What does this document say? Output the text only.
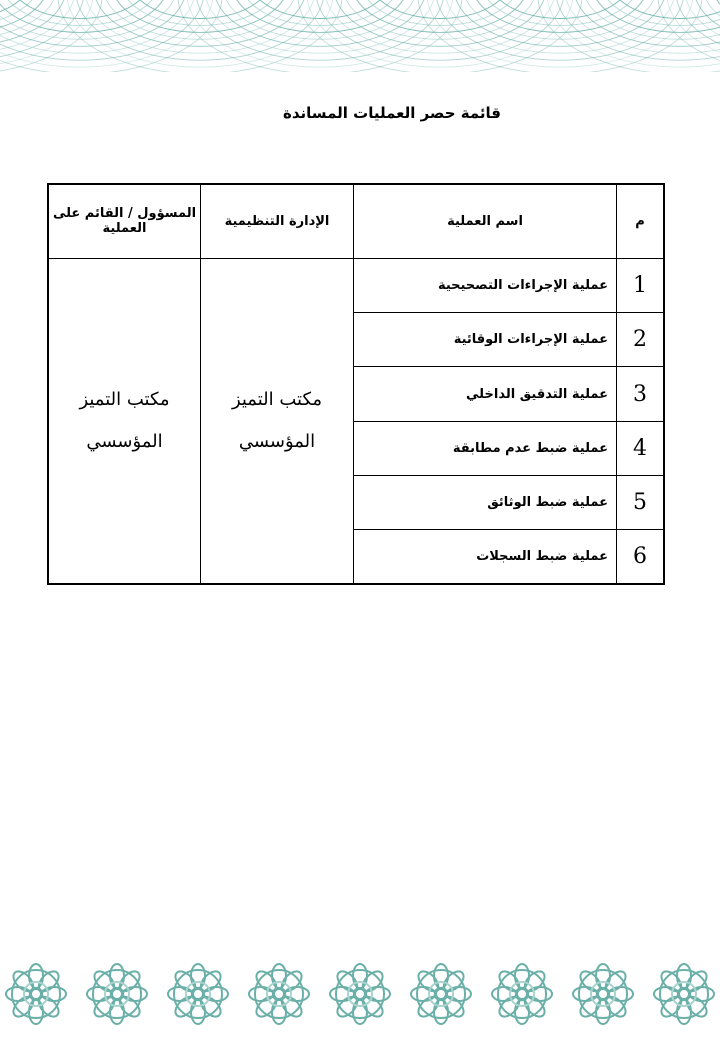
قائمة حصر العمليات المساندة
م	اسم العملية	الإدارة التنظيمية	المسؤول / القائم على العملية
1	عملية الإجراءات التصحيحية	مكتب التميز المؤسسي	مكتب التميز المؤسسي

2	عملية الإجراءات الوقائية		
3	عملية التدقيق الداخلي		
4	عملية ضبط عدم مطابقة		
5	عملية ضبط الوثائق		
6	عملية ضبط السجلات		
